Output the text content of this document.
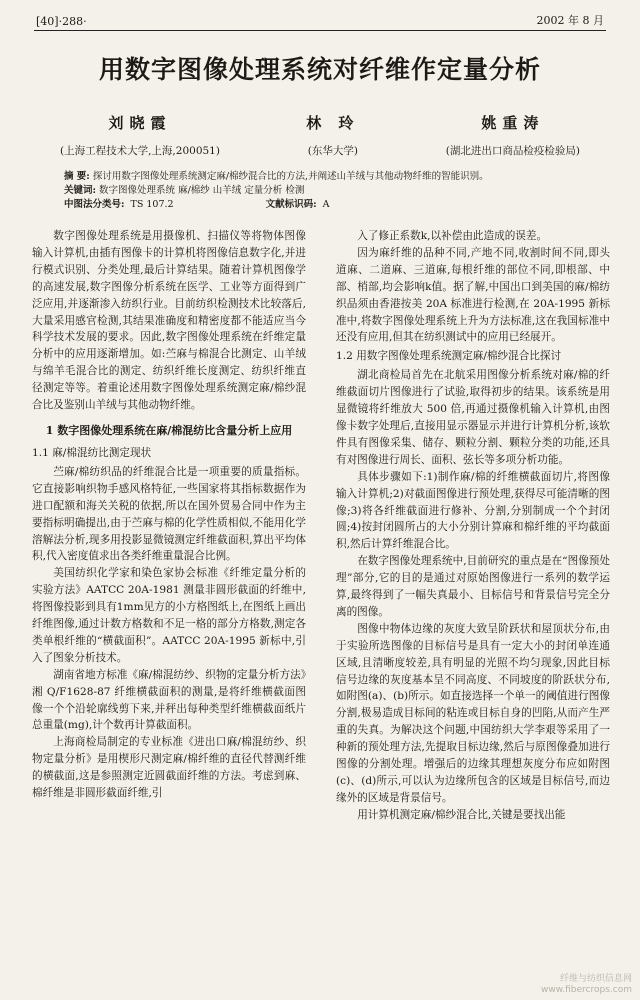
[40]·288·	2002 年 8 月
用数字图像处理系统对纤维作定量分析
刘晓霞
(上海工程技术大学,上海,200051)
林 玲
(东华大学)
姚重涛
(湖北进出口商品检疫检验局)
摘 要: 探讨用数字图像处理系统测定麻/棉纱混合比的方法,并阐述山羊绒与其他动物纤维的智能识别。
关键词: 数字图像处理系统 麻/棉纱 山羊绒 定量分析 检测
中图法分类号: TS 107.2	文献标识码: A

数字图像处理系统是用摄像机、扫描仪等将物体图像输入计算机,由插有图像卡的计算机将图像信息数字化,并进行模式识别、分类处理,最后计算结果。随着计算机图像学的高速发展,数字图像分析系统在医学、工业等方面得到广泛应用,并逐渐渗入纺织行业。目前纺织检测技术比较落后,大量采用感官检测,其结果准确度和精密度都不能适应当今科学技术发展的要求。因此,数字图像处理系统在纤维定量分析中的应用逐渐增加。如:苎麻与棉混合比测定、山羊绒与绵羊毛混合比的测定、纺织纤维长度测定、纺织纤维直径测定等等。着重论述用数字图像处理系统测定麻/棉纱混合比及鉴别山羊绒与其他动物纤维。

1 数字图像处理系统在麻/棉混纺比含量分析上应用
1.1 麻/棉混纺比测定现状

苎麻/棉纺织品的纤维混合比是一项重要的质量指标。它直接影响织物手感风格特征,一些国家将其指标数据作为进口配额和海关关税的依据,所以在国外贸易合同中作为主要指标明确提出,由于苎麻与棉的化学性质相似,不能用化学溶解法分析,现多用投影显微镜测定纤维截面积,算出平均体积,代入密度值求出各类纤维重量混合比例。

美国纺织化学家和染色家协会标准《纤维定量分析的实验方法》AATCC 20A-1981 测量非圆形截面的纤维中,将图像投影到具有1mm见方的小方格图纸上,在图纸上画出纤维图像,通过计数方格数和不足一格的部分方格数,测定各类单根纤维的“横截面积”。AATCC 20A-1995 新标中,引入了图象分析技术。

湖南省地方标准《麻/棉混纺纱、织物的定量分析方法》湘 Q/F1628-87 纤维横截面积的测量,是将纤维横截面图像一个个沿轮廓线剪下来,并秤出每种类型纤维横截面纸片总重量(mg),计个数再计算截面积。

上海商检局制定的专业标准《进出口麻/棉混纺纱、织物定量分析》是用楔形尺测定麻/棉纤维的直径代替测纤维的横截面,这是参照测定近圆截面纤维的方法。考虑到麻、棉纤维是非圆形截面纤维,引

入了修正系数k,以补偿由此造成的误差。

因为麻纤维的品种不同,产地不同,收割时间不同,即头道麻、二道麻、三道麻,每根纤维的部位不同,即根部、中部、梢部,均会影响k值。据了解,中国出口到美国的麻/棉纺织品须由香港按美 20A 标准进行检测,在 20A-1995 新标准中,将数字图像处理系统上升为方法标准,这在我国标准中还没有应用,但其在纺织测试中的应用已经展开。

1.2 用数字图像处理系统测定麻/棉纱混合比探讨

湖北商检局首先在北航采用图像分析系统对麻/棉的纤维截面切片图像进行了试验,取得初步的结果。该系统是用显微镜将纤维放大 500 倍,再通过摄像机输入计算机,由图像卡数字处理后,直接用显示器显示并进行计算机分析,该软件具有图像采集、储存、颗粒分割、颗粒分类的功能,还具有对图像进行周长、面积、弦长等多项分析功能。

具体步骤如下:1)制作麻/棉的纤维横截面切片,将图像输入计算机;2)对截面图像进行预处理,获得尽可能清晰的图像;3)将各纤维截面进行修补、分割,分别制成一个个封闭圆;4)按封闭圆所占的大小分别计算麻和棉纤维的平均截面积,然后计算纤维混合比。

在数字图像处理系统中,目前研究的重点是在“图像预处理”部分,它的目的是通过对原始图像进行一系列的数学运算,最终得到了一幅失真最小、目标信号和背景信号完全分离的图像。

图像中物体边缘的灰度大致呈阶跃状和屋顶状分布,由于实验所选图像的目标信号是具有一定大小的封闭单连通区域,且清晰度较差,具有明显的光照不均匀现象,因此目标信号边缘的灰度基本呈不同高度、不同坡度的阶跃状分布,如附图(a)、(b)所示。如直接选择一个单一的阈值进行图像分割,极易造成目标间的粘连或目标自身的凹陷,从而产生严重的失真。为解决这个问题,中国纺织大学李艰等采用了一种新的预处理方法,先提取目标边缘,然后与原图像叠加进行图像的分割处理。增强后的边缘其理想灰度分布应如附图(c)、(d)所示,可以认为边缘所包含的区域是目标信号,而边缘外的区域是背景信号。

用计算机测定麻/棉纱混合比,关键是要找出能

纤维与纺织信息网
www.fibercrops.com
